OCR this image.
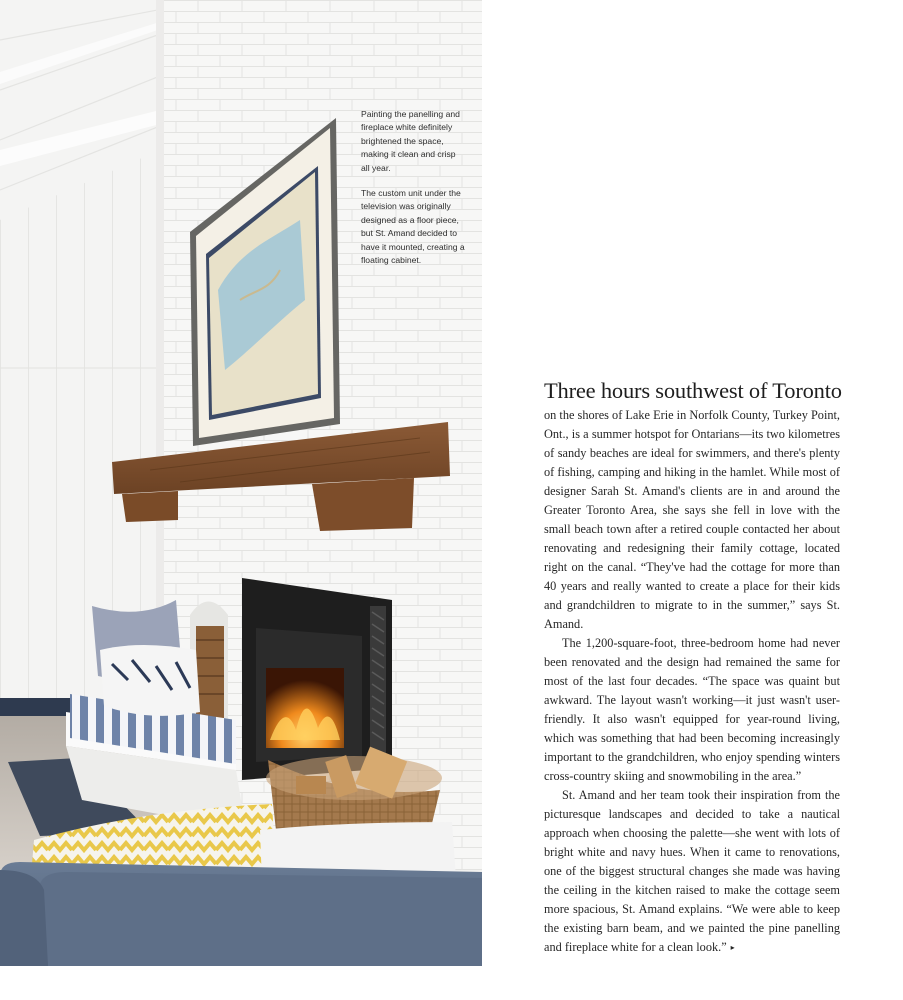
Painting the panelling and fireplace white definitely brightened the space, making it clean and crisp all year.

The custom unit under the television was originally designed as a floor piece, but St. Amand decided to have it mounted, creating a floating cabinet.

Three hours southwest of Toronto

on the shores of Lake Erie in Norfolk County, Turkey Point, Ont., is a summer hotspot for Ontarians—its two kilometres of sandy beaches are ideal for swimmers, and there's plenty of fishing, camping and hiking in the hamlet. While most of designer Sarah St. Amand's clients are in and around the Greater Toronto Area, she says she fell in love with the small beach town after a retired couple contacted her about renovating and redesigning their family cottage, located right on the canal. “They've had the cottage for more than 40 years and really wanted to create a place for their kids and grandchildren to migrate to in the summer,” says St. Amand.

The 1,200-square-foot, three-bedroom home had never been renovated and the design had remained the same for most of the last four decades. “The space was quaint but awkward. The layout wasn't working—it just wasn't user-friendly. It also wasn't equipped for year-round living, which was something that had been becoming increasingly important to the grandchildren, who enjoy spending winters cross-country skiing and snowmobiling in the area.”

St. Amand and her team took their inspiration from the picturesque landscapes and decided to take a nautical approach when choosing the palette—she went with lots of bright white and navy hues. When it came to renovations, one of the biggest structural changes she made was having the ceiling in the kitchen raised to make the cottage seem more spacious, St. Amand explains. “We were able to keep the existing barn beam, and we painted the pine panelling and fireplace white for a clean look.” ▸
